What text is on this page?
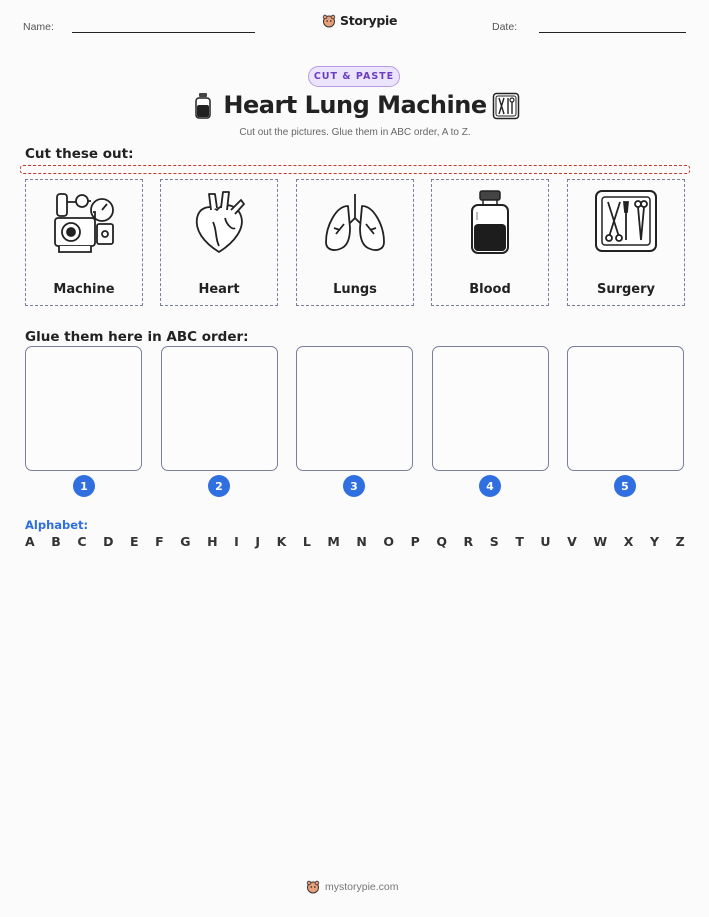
Name:	Storypie	Date:
CUT & PASTE
Heart Lung Machine
Cut out the pictures. Glue them in ABC order, A to Z.
Cut these out:
Machine	Heart	Lungs	Blood	Surgery
Glue them here in ABC order:
1	2	3	4	5
Alphabet:
A B C D E F G H I J K L M N O P Q R S T U V W X Y Z
mystorypie.com
